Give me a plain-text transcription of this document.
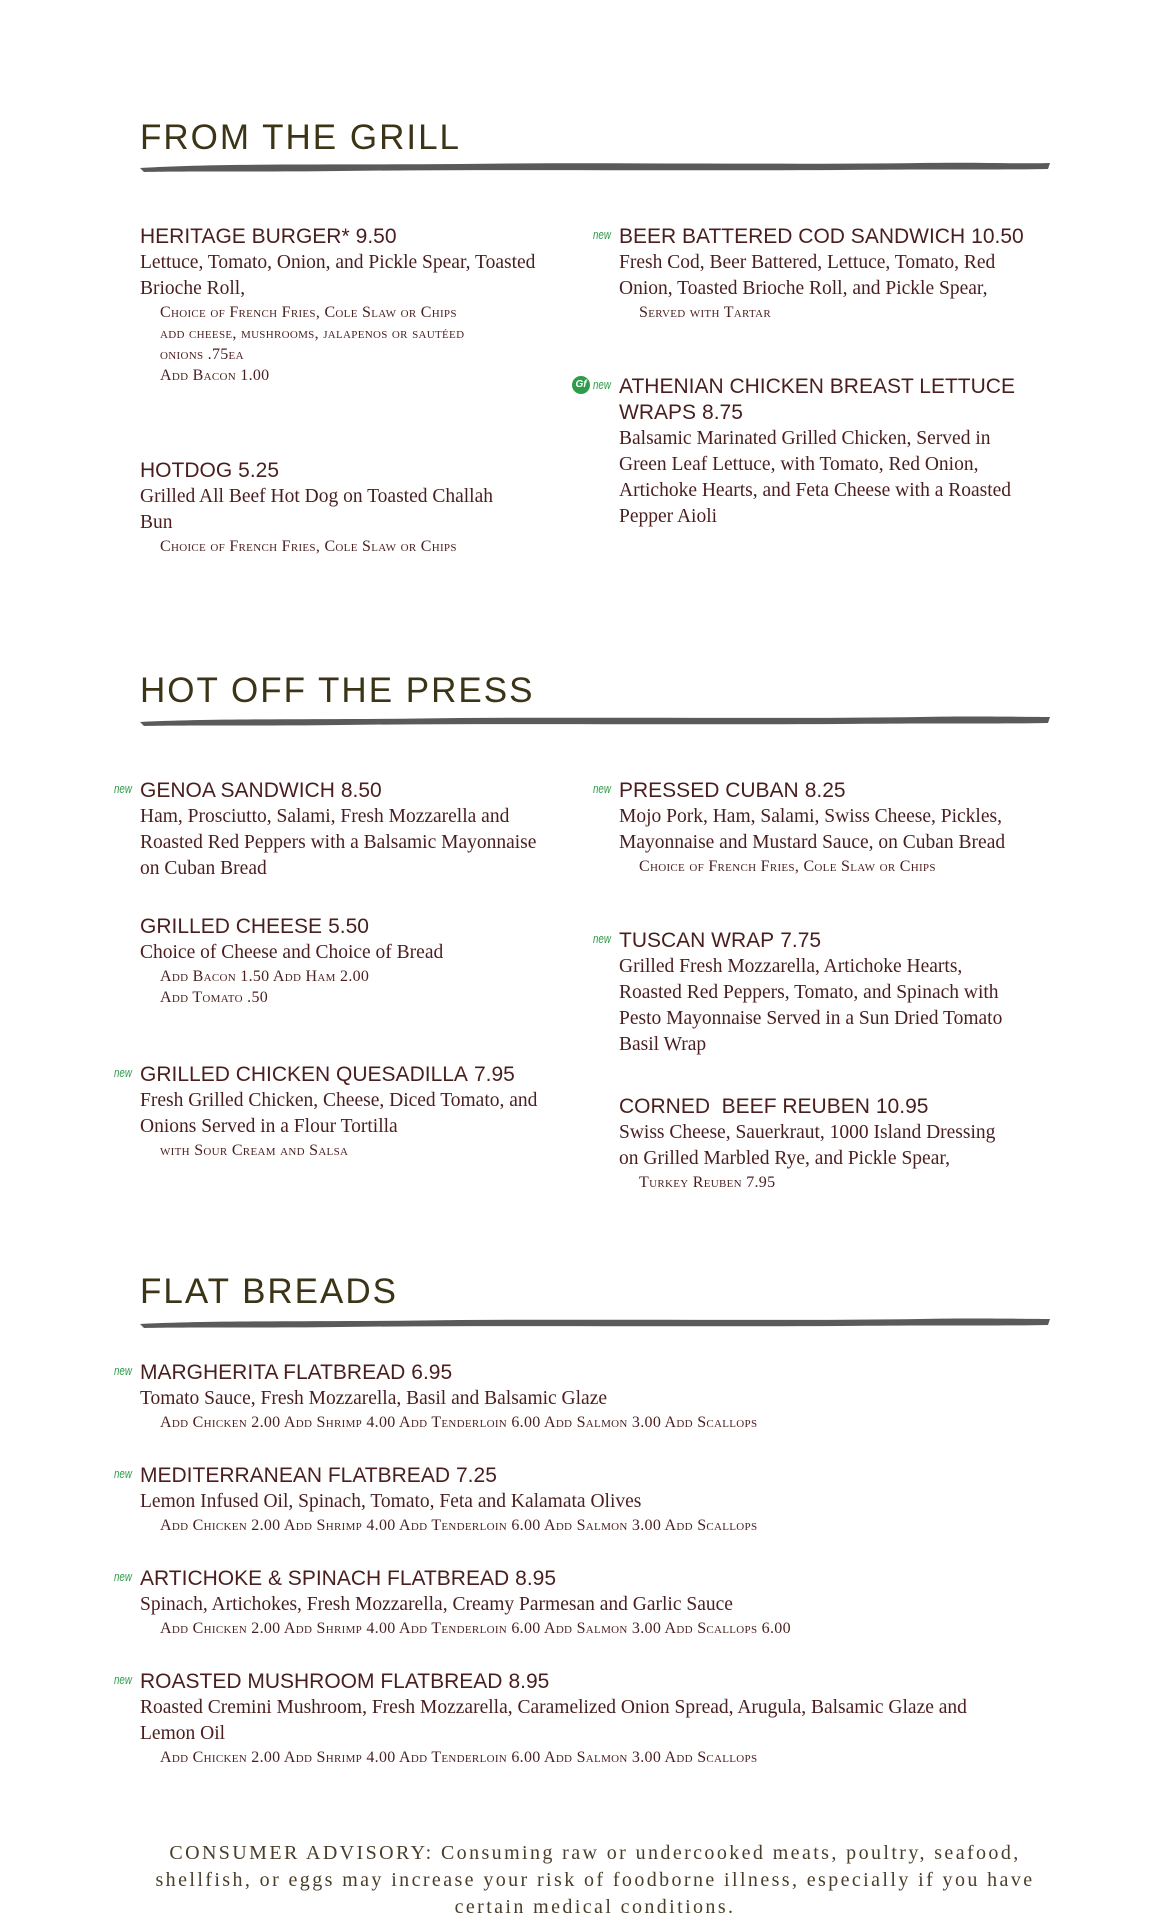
FROM THE GRILL
HERITAGE BURGER* 9.50
Lettuce, Tomato, Onion, and Pickle Spear, Toasted Brioche Roll,
Choice of French Fries, Cole Slaw or Chips
add cheese, mushrooms, jalapenos or sautéed onions .75ea
Add Bacon 1.00
HOTDOG 5.25
Grilled All Beef Hot Dog on Toasted Challah Bun
Choice of French Fries, Cole Slaw or Chips
new BEER BATTERED COD SANDWICH 10.50
Fresh Cod, Beer Battered, Lettuce, Tomato, Red Onion, Toasted Brioche Roll, and Pickle Spear,
Served with Tartar
Gf new ATHENIAN CHICKEN BREAST LETTUCE WRAPS 8.75
Balsamic Marinated Grilled Chicken, Served in Green Leaf Lettuce, with Tomato, Red Onion, Artichoke Hearts, and Feta Cheese with a Roasted Pepper Aioli
HOT OFF THE PRESS
new GENOA SANDWICH 8.50
Ham, Prosciutto, Salami, Fresh Mozzarella and Roasted Red Peppers with a Balsamic Mayonnaise on Cuban Bread
GRILLED CHEESE 5.50
Choice of Cheese and Choice of Bread
Add Bacon 1.50 Add Ham 2.00
Add Tomato .50
new GRILLED CHICKEN QUESADILLA 7.95
Fresh Grilled Chicken, Cheese, Diced Tomato, and Onions Served in a Flour Tortilla
with Sour Cream and Salsa
new PRESSED CUBAN 8.25
Mojo Pork, Ham, Salami, Swiss Cheese, Pickles, Mayonnaise and Mustard Sauce, on Cuban Bread
Choice of French Fries, Cole Slaw or Chips
new TUSCAN WRAP 7.75
Grilled Fresh Mozzarella, Artichoke Hearts, Roasted Red Peppers, Tomato, and Spinach with Pesto Mayonnaise Served in a Sun Dried Tomato Basil Wrap
CORNED  BEEF REUBEN 10.95
Swiss Cheese, Sauerkraut, 1000 Island Dressing on Grilled Marbled Rye, and Pickle Spear,
Turkey Reuben 7.95
FLAT BREADS
new MARGHERITA FLATBREAD 6.95
Tomato Sauce, Fresh Mozzarella, Basil and Balsamic Glaze
Add Chicken 2.00 Add Shrimp 4.00 Add Tenderloin 6.00 Add Salmon 3.00 Add Scallops
new MEDITERRANEAN FLATBREAD 7.25
Lemon Infused Oil, Spinach, Tomato, Feta and Kalamata Olives
Add Chicken 2.00 Add Shrimp 4.00 Add Tenderloin 6.00 Add Salmon 3.00 Add Scallops
new ARTICHOKE & SPINACH FLATBREAD 8.95
Spinach, Artichokes, Fresh Mozzarella, Creamy Parmesan and Garlic Sauce
Add Chicken 2.00 Add Shrimp 4.00 Add Tenderloin 6.00 Add Salmon 3.00 Add Scallops 6.00
new ROASTED MUSHROOM FLATBREAD 8.95
Roasted Cremini Mushroom, Fresh Mozzarella, Caramelized Onion Spread, Arugula, Balsamic Glaze and Lemon Oil
Add Chicken 2.00 Add Shrimp 4.00 Add Tenderloin 6.00 Add Salmon 3.00 Add Scallops

CONSUMER ADVISORY: Consuming raw or undercooked meats, poultry, seafood, shellfish, or eggs may increase your risk of foodborne illness, especially if you have certain medical conditions.
